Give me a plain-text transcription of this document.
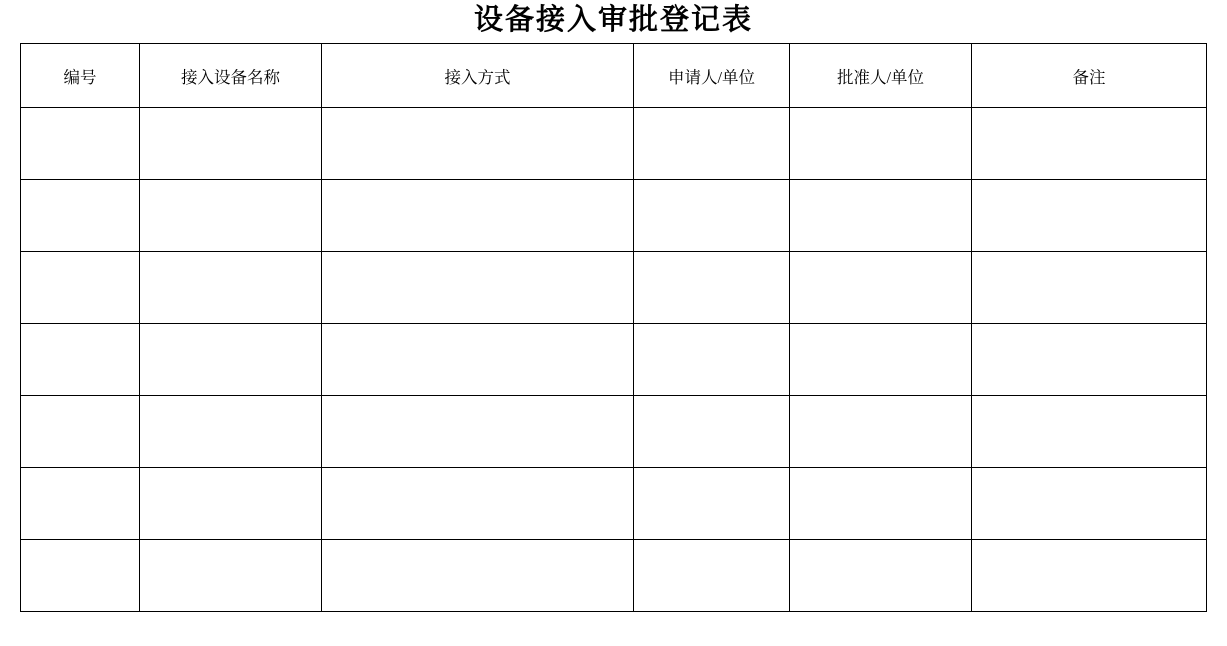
设备接入审批登记表
编号	接入设备名称	接入方式	申请人/单位	批准人/单位	备注
